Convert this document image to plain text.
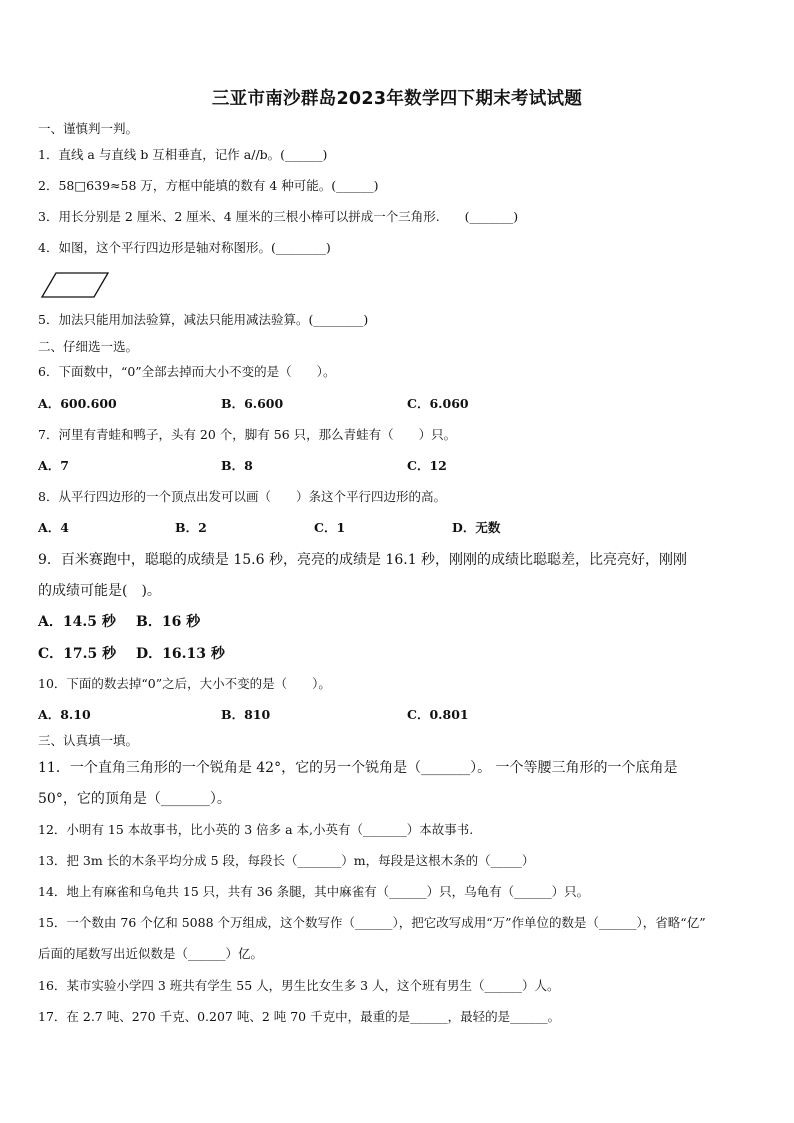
三亚市南沙群岛2023年数学四下期末考试试题
一、谨慎判一判。
1．直线 a 与直线 b 互相垂直，记作 a//b。(______)
2．58□639≈58 万，方框中能填的数有 4 种可能。(______)
3．用长分别是 2 厘米、2 厘米、4 厘米的三根小棒可以拼成一个三角形.　　(_______)
4．如图，这个平行四边形是轴对称图形。(________)
5．加法只能用加法验算，减法只能用减法验算。(________)
二、仔细选一选。
6．下面数中，“0”全部去掉而大小不变的是（　　）。
A．600.600	B．6.600	C．6.060
7．河里有青蛙和鸭子，头有 20 个，脚有 56 只，那么青蛙有（　　）只。
A．7	B．8	C．12
8．从平行四边形的一个顶点出发可以画（　　）条这个平行四边形的高。
A．4	B．2	C．1	D．无数
9．百米赛跑中，聪聪的成绩是 15.6 秒，亮亮的成绩是 16.1 秒，刚刚的成绩比聪聪差，比亮亮好，刚刚
的成绩可能是(　)。
A．14.5 秒 B．16 秒
C．17.5 秒 D．16.13 秒
10．下面的数去掉“0”之后，大小不变的是（　　）。
A．8.10	B．810	C．0.801
三、认真填一填。
11．一个直角三角形的一个锐角是 42°，它的另一个锐角是（_______）。 一个等腰三角形的一个底角是
50°，它的顶角是（_______）。
12．小明有 15 本故事书，比小英的 3 倍多 a 本,小英有（_______）本故事书.
13．把 3m 长的木条平均分成 5 段，每段长（_______）m，每段是这根木条的（_____）
14．地上有麻雀和乌龟共 15 只，共有 36 条腿，其中麻雀有（______）只，乌龟有（______）只。
15．一个数由 76 个亿和 5088 个万组成，这个数写作（______），把它改写成用“万”作单位的数是（______），省略“亿”
后面的尾数写出近似数是（______）亿。
16．某市实验小学四 3 班共有学生 55 人，男生比女生多 3 人，这个班有男生（______）人。
17．在 2.7 吨、270 千克、0.207 吨、2 吨 70 千克中，最重的是______，最轻的是______。
